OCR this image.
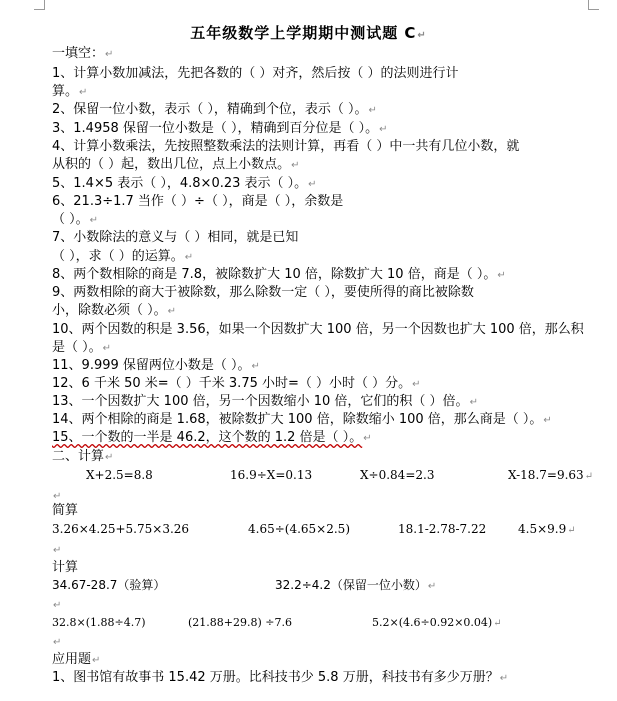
五年级数学上学期期中测试题 C↵
一填空：↵
1、计算小数加减法，先把各数的（ ）对齐，然后按（ ）的法则进行计
算。↵
2、保留一位小数，表示（ ），精确到个位，表示（ ）。↵
3、1.4958 保留一位小数是（ ），精确到百分位是（ ）。↵
4、计算小数乘法，先按照整数乘法的法则计算，再看（ ）中一共有几位小数，就
从积的（ ）起，数出几位，点上小数点。↵
5、1.4×5 表示（ ），4.8×0.23 表示（ ）。↵
6、21.3÷1.7 当作（ ）÷（ ），商是（ ），余数是
（ ）。↵
7、小数除法的意义与（ ）相同，就是已知
（ ），求（ ）的运算。↵
8、两个数相除的商是 7.8，被除数扩大 10 倍，除数扩大 10 倍，商是（ ）。↵
9、两数相除的商大于被除数，那么除数一定（ ），要使所得的商比被除数
小，除数必须（ ）。↵
10、两个因数的积是 3.56，如果一个因数扩大 100 倍，另一个因数也扩大 100 倍，那么积
是（ ）。↵
11、9.999 保留两位小数是（ ）。↵
12、6 千米 50 米=（ ）千米 3.75 小时=（ ）小时（ ）分。↵
13、一个因数扩大 100 倍，另一个因数缩小 10 倍，它们的积（ ）倍。↵
14、两个相除的商是 1.68，被除数扩大 100 倍，除数缩小 100 倍，那么商是（ ）。↵
15、一个数的一半是 46.2，这个数的 1.2 倍是（ ）。↵
二、计算↵
X+2.5=8.8	16.9÷X=0.13	X÷0.84=2.3	X-18.7=9.63↵
↵
简算
3.26×4.25+5.75×3.26	4.65÷(4.65×2.5)	18.1-2.78-7.22	4.5×9.9↵
↵
计算
34.67-28.7（验算）	32.2÷4.2（保留一位小数）↵
↵
32.8×(1.88÷4.7)	(21.88+29.8) ÷7.6	5.2×(4.6÷0.92×0.04)↵
↵
应用题↵
1、图书馆有故事书 15.42 万册。比科技书少 5.8 万册，科技书有多少万册？↵
